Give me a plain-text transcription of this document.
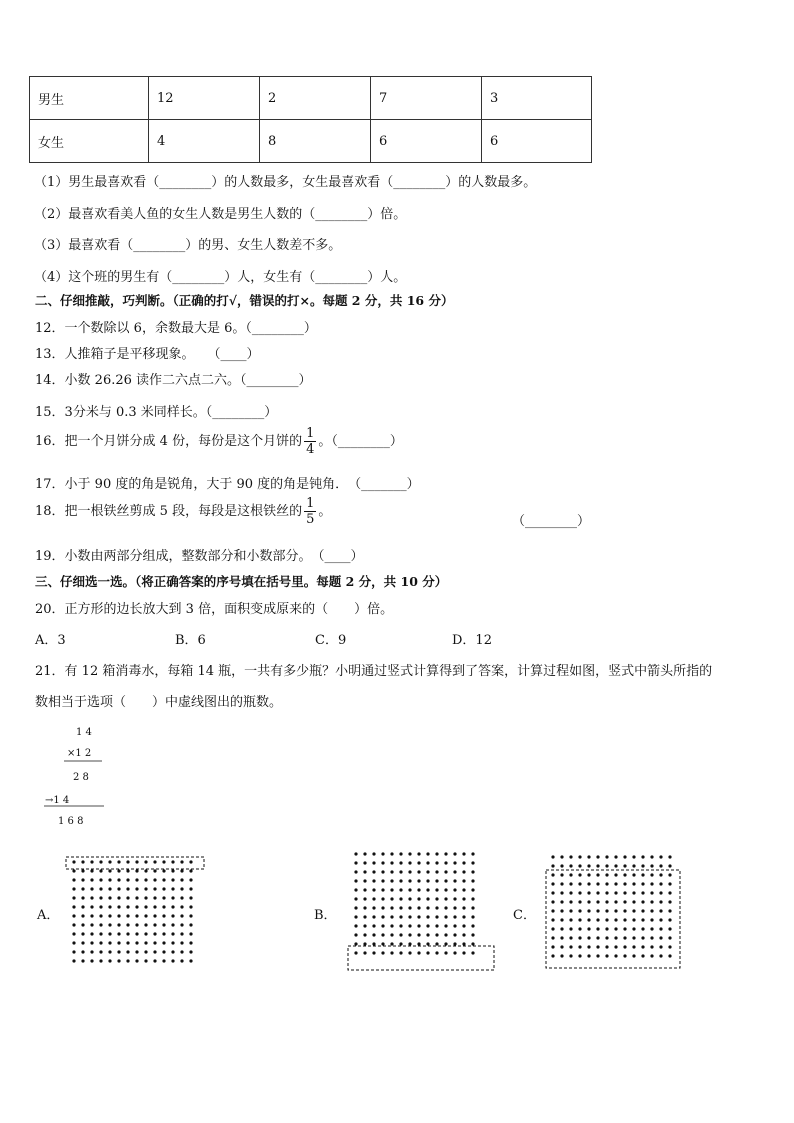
男生	12	2	7	3
女生	4	8	6	6
（1）男生最喜欢看（________）的人数最多，女生最喜欢看（________）的人数最多。
（2）最喜欢看美人鱼的女生人数是男生人数的（________）倍。
（3）最喜欢看（________）的男、女生人数差不多。
（4）这个班的男生有（________）人，女生有（________）人。
二、仔细推敲，巧判断。（正确的打√，错误的打×。每题 2 分，共 16 分）
12．一个数除以 6，余数最大是 6。（________）
13．人推箱子是平移现象。　　（____）
14．小数 26.26 读作二六点二六。（________）
15．3分米与 0.3 米同样长。（________）
16．把一个月饼分成 4 份，每份是这个月饼的 $\frac{1}{4}$ 。（________）
17．小于 90 度的角是锐角，大于 90 度的角是钝角．　（_______）
18．把一根铁丝剪成 5 段，每段是这根铁丝的 $\frac{1}{5}$ 。
（________）
19．小数由两部分组成，整数部分和小数部分。　（____）
三、仔细选一选。（将正确答案的序号填在括号里。每题 2 分，共 10 分）
20．正方形的边长放大到 3 倍，面积变成原来的（　　）倍。
A．3	B．6	C．9	D．12
21．有 12 箱消毒水，每箱 14 瓶，一共有多少瓶？小明通过竖式计算得到了答案，计算过程如图，竖式中箭头所指的
数相当于选项（　　）中虚线图出的瓶数。
1 4
×1 2
2 8
→1 4
1 6 8
A．	B．	C．
